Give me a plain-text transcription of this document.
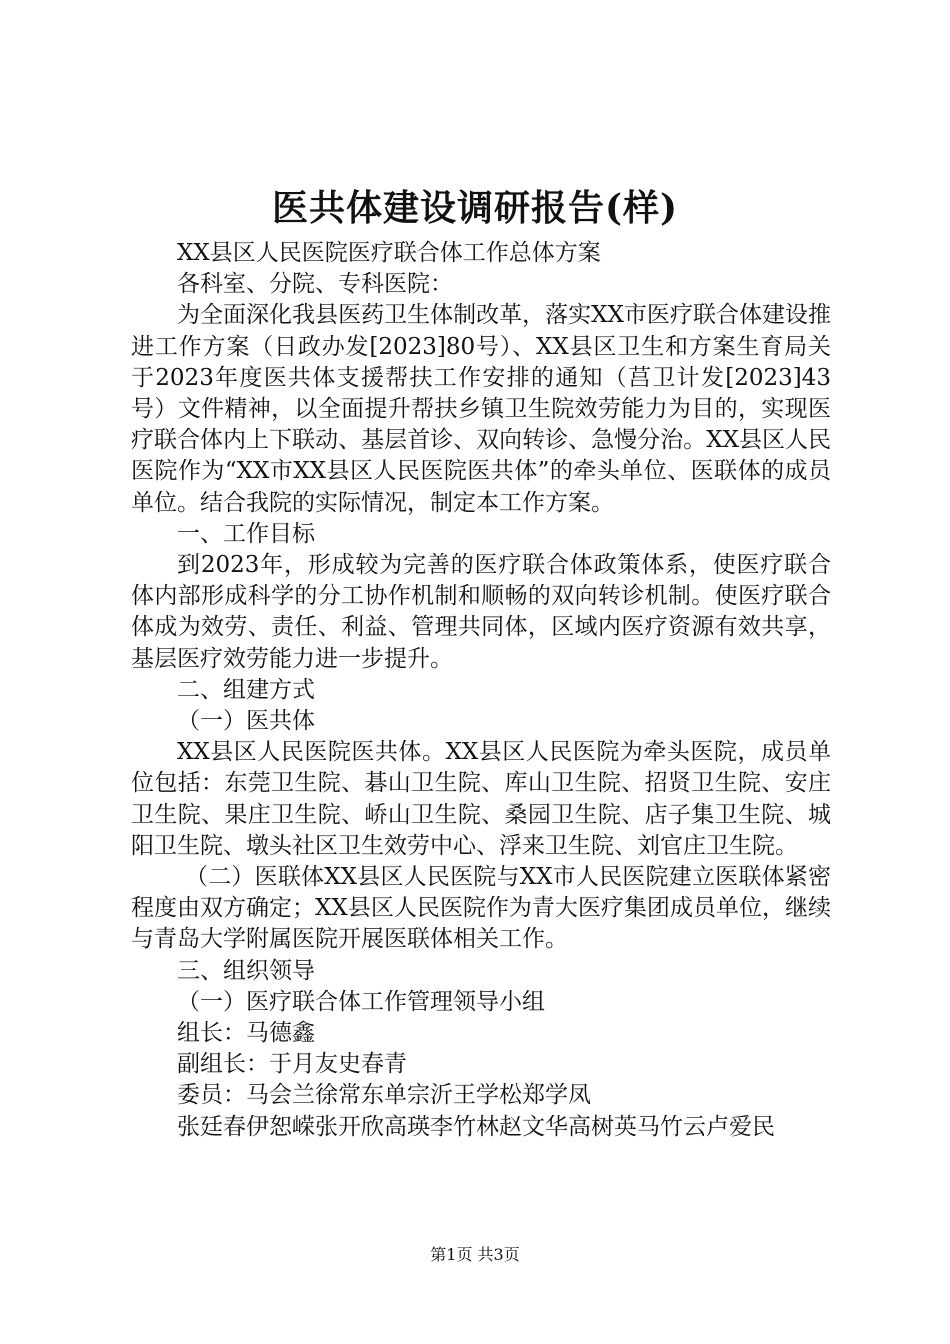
医共体建设调研报告(样)

XX县区人民医院医疗联合体工作总体方案

各科室、分院、专科医院：

为全面深化我县医药卫生体制改革，落实XX市医疗联合体建设推进工作方案（日政办发[2023]80号）、XX县区卫生和方案生育局关于2023年度医共体支援帮扶工作安排的通知（莒卫计发[2023]43号）文件精神，以全面提升帮扶乡镇卫生院效劳能力为目的，实现医疗联合体内上下联动、基层首诊、双向转诊、急慢分治。XX县区人民医院作为“XX市XX县区人民医院医共体”的牵头单位、医联体的成员单位。结合我院的实际情况，制定本工作方案。

一、工作目标

到2023年，形成较为完善的医疗联合体政策体系，使医疗联合体内部形成科学的分工协作机制和顺畅的双向转诊机制。使医疗联合体成为效劳、责任、利益、管理共同体，区域内医疗资源有效共享，基层医疗效劳能力进一步提升。

二、组建方式

（一）医共体

XX县区人民医院医共体。XX县区人民医院为牵头医院，成员单位包括：东莞卫生院、碁山卫生院、库山卫生院、招贤卫生院、安庄卫生院、果庄卫生院、峤山卫生院、桑园卫生院、店子集卫生院、城阳卫生院、墩头社区卫生效劳中心、浮来卫生院、刘官庄卫生院。

（二）医联体XX县区人民医院与XX市人民医院建立医联体紧密程度由双方确定；XX县区人民医院作为青大医疗集团成员单位，继续与青岛大学附属医院开展医联体相关工作。

三、组织领导

（一）医疗联合体工作管理领导小组

组长：马德鑫

副组长：于月友史春青

委员：马会兰徐常东单宗沂王学松郑学凤

张廷春伊恕嵘张开欣高瑛李竹林赵文华高树英马竹云卢爱民

第1页 共3页
